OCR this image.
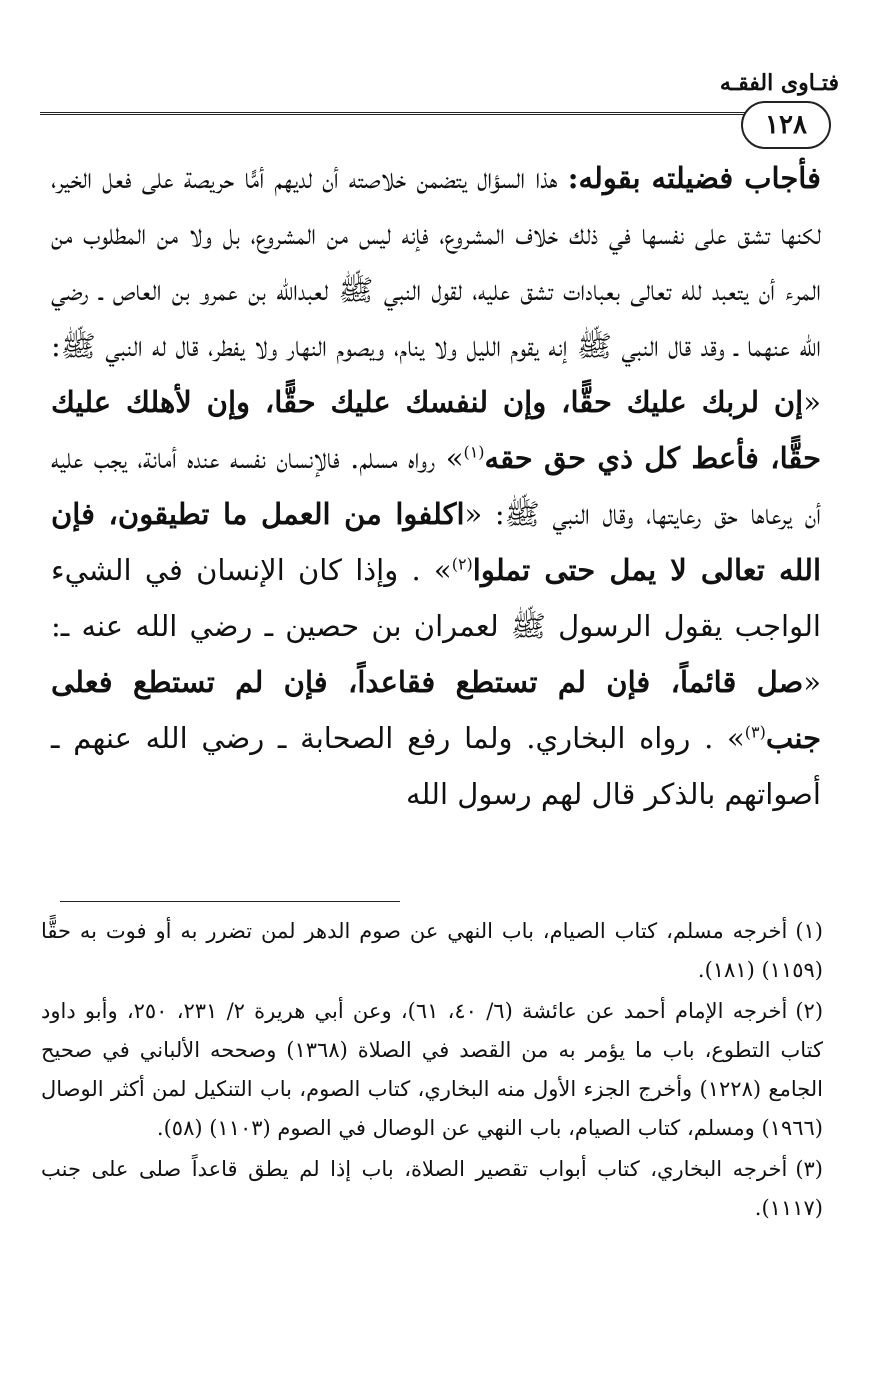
فتـاوى الفقـه
١٢٨

فأجاب فضيلته بقوله: هذا السؤال يتضمن خلاصته أن لديهم أمًّا حريصة على فعل الخير، لكنها تشق على نفسها في ذلك خلاف المشروع، فإنه ليس من المشروع، بل ولا من المطلوب من المرء أن يتعبد لله تعالى بعبادات تشق عليه، لقول النبي ﷺ لعبدالله بن عمرو بن العاص ـ رضي الله عنهما ـ وقد قال النبي ﷺ إنه يقوم الليل ولا ينام، ويصوم النهار ولا يفطر، قال له النبي ﷺ: «إن لربك عليك حقًّا، وإن لنفسك عليك حقًّا، وإن لأهلك عليك حقًّا، فأعط كل ذي حق حقه$^{(١)}$» رواه مسلم. فالإنسان نفسه عنده أمانة، يجب عليه أن يرعاها حق رعايتها، وقال النبي ﷺ: «اكلفوا من العمل ما تطيقون، فإن الله تعالى لا يمل حتى تملوا$^{(٢)}$» . وإذا كان الإنسان في الشيء الواجب يقول الرسول ﷺ لعمران بن حصين ـ رضي الله عنه ـ: «صل قائماً، فإن لم تستطع فقاعداً، فإن لم تستطع فعلى جنب$^{(٣)}$» . رواه البخاري. ولما رفع الصحابة ـ رضي الله عنهم ـ أصواتهم بالذكر قال لهم رسول الله

(١)أخرجه مسلم، كتاب الصيام، باب النهي عن صوم الدهر لمن تضرر به أو فوت به حقًّا (١١٥٩) (١٨١).

(٢)أخرجه الإمام أحمد عن عائشة (٦/ ٤٠، ٦١)، وعن أبي هريرة ٢/ ٢٣١، ٢٥٠، وأبو داود كتاب التطوع، باب ما يؤمر به من القصد في الصلاة (١٣٦٨) وصححه الألباني في صحيح الجامع (١٢٢٨) وأخرج الجزء الأول منه البخاري، كتاب الصوم، باب التنكيل لمن أكثر الوصال (١٩٦٦) ومسلم، كتاب الصيام، باب النهي عن الوصال في الصوم (١١٠٣) (٥٨).

(٣)أخرجه البخاري، كتاب أبواب تقصير الصلاة، باب إذا لم يطق قاعداً صلى على جنب (١١١٧).
